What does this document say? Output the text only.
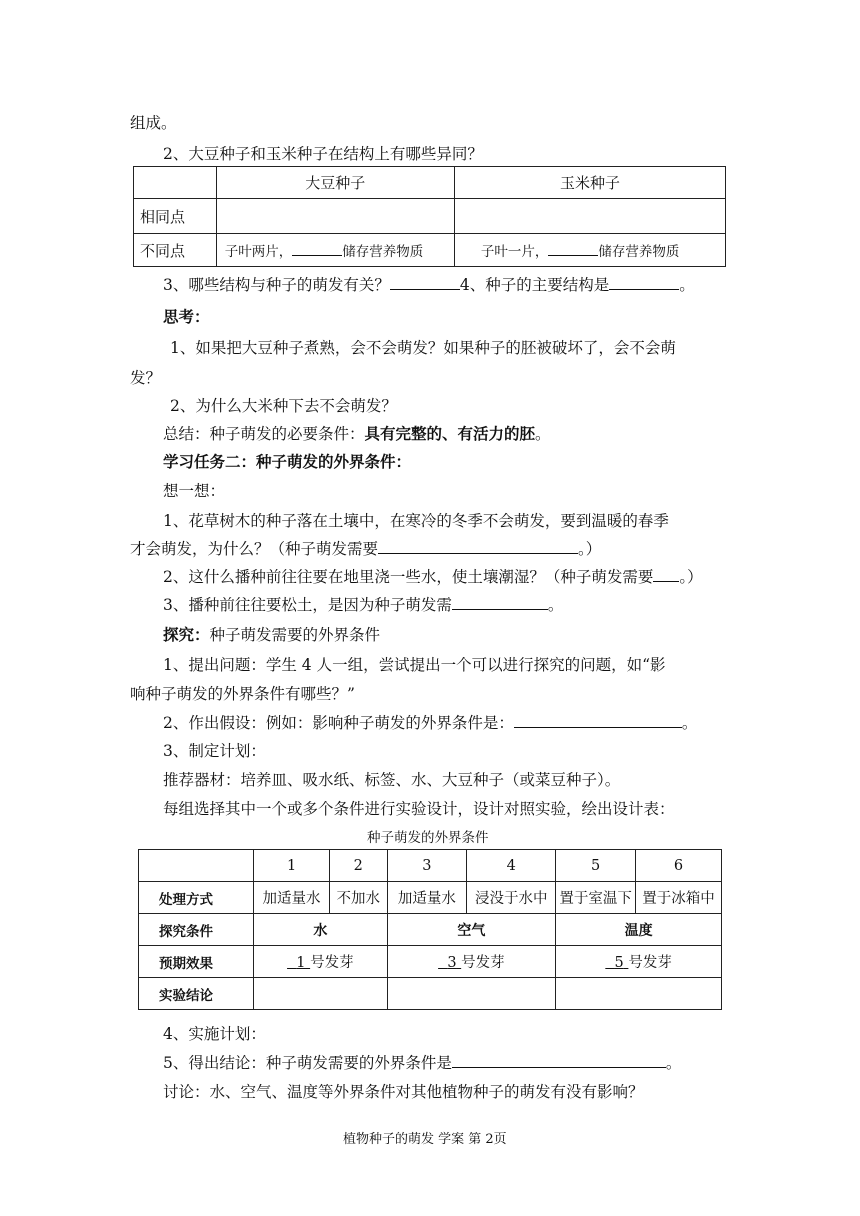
组成。
2、大豆种子和玉米种子在结构上有哪些异同？
	大豆种子	玉米种子
相同点		
不同点	子叶两片， 储存营养物质	子叶一片， 储存营养物质
3、哪些结构与种子的萌发有关？	4、种子的主要结构是	。
思考：
1、如果把大豆种子煮熟，会不会萌发？如果种子的胚被破坏了，会不会萌
发？
2、为什么大米种下去不会萌发？
总结：种子萌发的必要条件：具有完整的、有活力的胚。
学习任务二：种子萌发的外界条件：
想一想：
1、花草树木的种子落在土壤中，在寒冷的冬季不会萌发，要到温暖的春季
才会萌发，为什么？（种子萌发需要	。）
2、这什么播种前往往要在地里浇一些水，使土壤潮湿？（种子萌发需要 。）
3、播种前往往要松土，是因为种子萌发需	。
探究：种子萌发需要的外界条件
1、提出问题：学生 4 人一组，尝试提出一个可以进行探究的问题，如“影
响种子萌发的外界条件有哪些？”
2、作出假设：例如：影响种子萌发的外界条件是：	。
3、制定计划：
推荐器材：培养皿、吸水纸、标签、水、大豆种子（或菜豆种子）。
每组选择其中一个或多个条件进行实验设计，设计对照实验，绘出设计表：
种子萌发的外界条件
	1	2	3	4	5	6
处理方式	加适量水	不加水	加适量水	浸没于水中	置于室温下	置于冰箱中
探究条件	水		空气		温度	
预期效果	1 号发芽		3 号发芽		5 号发芽	
实验结论						
4、实施计划：
5、得出结论：种子萌发需要的外界条件是	。
讨论：水、空气、温度等外界条件对其他植物种子的萌发有没有影响？
植物种子的萌发 学案 第 2页
